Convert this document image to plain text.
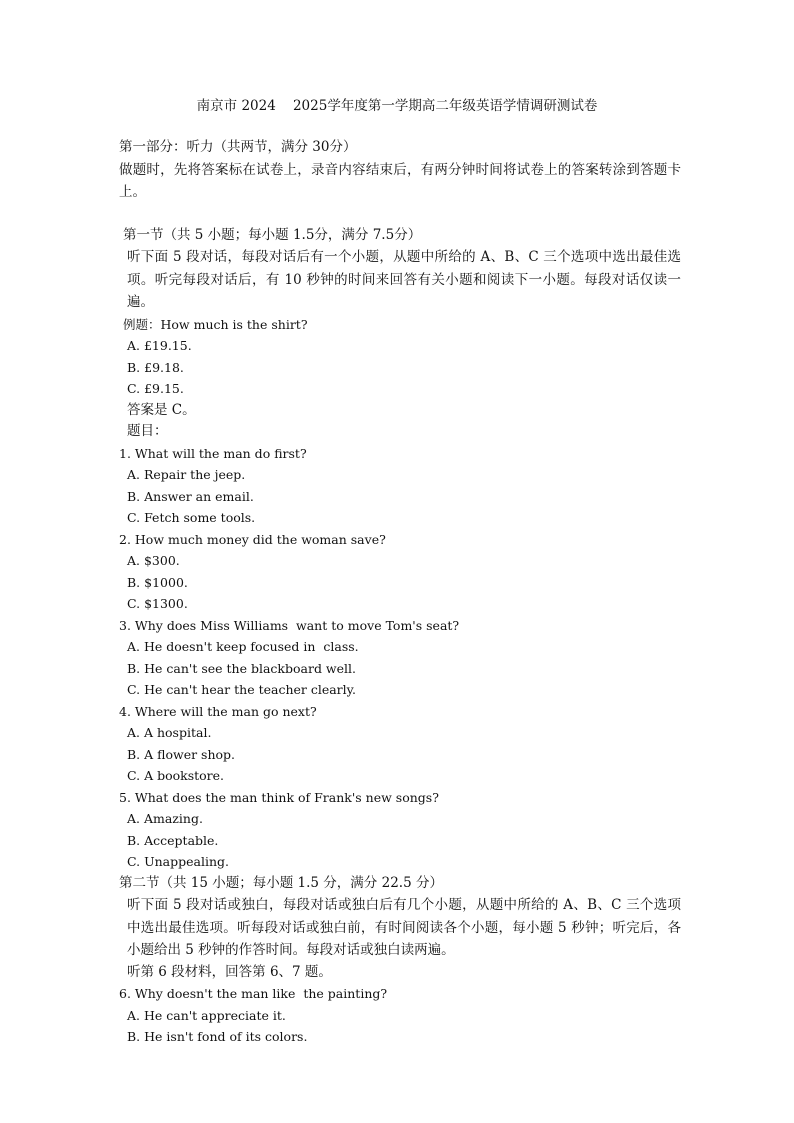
南京市 2024    2025学年度第一学期高二年级英语学情调研测试卷

第一部分：听力（共两节，满分 30分）

做题时，先将答案标在试卷上，录音内容结束后，有两分钟时间将试卷上的答案转涂到答题卡上。

第一节（共 5 小题；每小题 1.5分，满分 7.5分）

听下面 5 段对话，每段对话后有一个小题，从题中所给的 A、B、C 三个选项中选出最佳选项。听完每段对话后，有 10 秒钟的时间来回答有关小题和阅读下一小题。每段对话仅读一遍。

例题：How much is the shirt?

A. £19.15.

B. £9.18.

C. £9.15.

答案是 C。

题目：

1. What will the man do first?

A. Repair the jeep.

B. Answer an email.

C. Fetch some tools.

2. How much money did the woman save?

A. $300.

B. $1000.

C. $1300.

3. Why does Miss Williams  want to move Tom's seat?

A. He doesn't keep focused in  class.

B. He can't see the blackboard well.

C. He can't hear the teacher clearly.

4. Where will the man go next?

A. A hospital.

B. A flower shop.

C. A bookstore.

5. What does the man think of Frank's new songs?

A. Amazing.

B. Acceptable.

C. Unappealing.

第二节（共 15 小题；每小题 1.5 分，满分 22.5 分）

听下面 5 段对话或独白，每段对话或独白后有几个小题，从题中所给的 A、B、C 三个选项中选出最佳选项。听每段对话或独白前，有时间阅读各个小题，每小题 5 秒钟；听完后，各小题给出 5 秒钟的作答时间。每段对话或独白读两遍。

听第 6 段材料，回答第 6、7 题。

6. Why doesn't the man like  the painting?

A. He can't appreciate it.

B. He isn't fond of its colors.
